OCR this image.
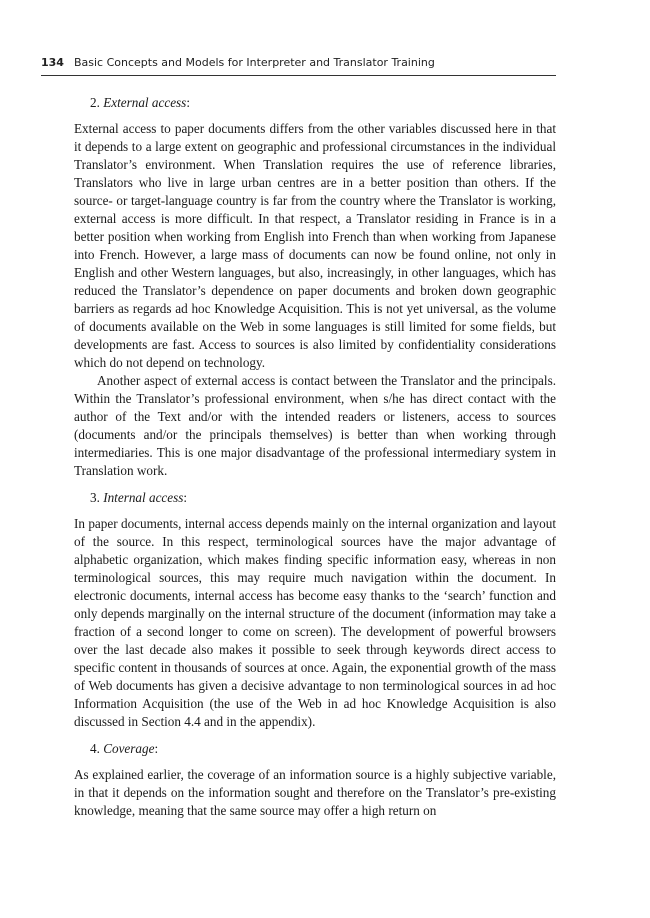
134 Basic Concepts and Models for Interpreter and Translator Training

2. External access:

External access to paper documents differs from the other variables discussed here in that it depends to a large extent on geographic and professional circumstances in the individual Translator’s environment. When Translation requires the use of reference libraries, Translators who live in large urban centres are in a better position than others. If the source- or target-language country is far from the country where the Translator is working, external access is more difficult. In that respect, a Translator residing in France is in a better position when working from English into French than when working from Japanese into French. However, a large mass of documents can now be found online, not only in English and other Western languages, but also, increasingly, in other languages, which has reduced the Translator’s dependence on paper documents and broken down geographic barriers as regards ad hoc Knowledge Acquisition. This is not yet universal, as the volume of documents available on the Web in some languages is still limited for some fields, but developments are fast. Access to sources is also limited by confidentiality considerations which do not depend on technology.

Another aspect of external access is contact between the Translator and the principals. Within the Translator’s professional environment, when s/he has direct contact with the author of the Text and/or with the intended readers or listeners, access to sources (documents and/or the principals themselves) is better than when working through intermediaries. This is one major disadvantage of the professional intermediary system in Translation work.

3. Internal access:

In paper documents, internal access depends mainly on the internal organization and layout of the source. In this respect, terminological sources have the major advantage of alphabetic organization, which makes finding specific information easy, whereas in non terminological sources, this may require much navigation within the document. In electronic documents, internal access has become easy thanks to the ‘search’ function and only depends marginally on the internal structure of the document (information may take a fraction of a second longer to come on screen). The development of powerful browsers over the last decade also makes it possible to seek through keywords direct access to specific content in thousands of sources at once. Again, the exponential growth of the mass of Web documents has given a decisive advantage to non terminological sources in ad hoc Information Acquisition (the use of the Web in ad hoc Knowledge Acquisition is also discussed in Section 4.4 and in the appendix).

4. Coverage:

As explained earlier, the coverage of an information source is a highly subjective variable, in that it depends on the information sought and therefore on the Translator’s pre-existing knowledge, meaning that the same source may offer a high return on
